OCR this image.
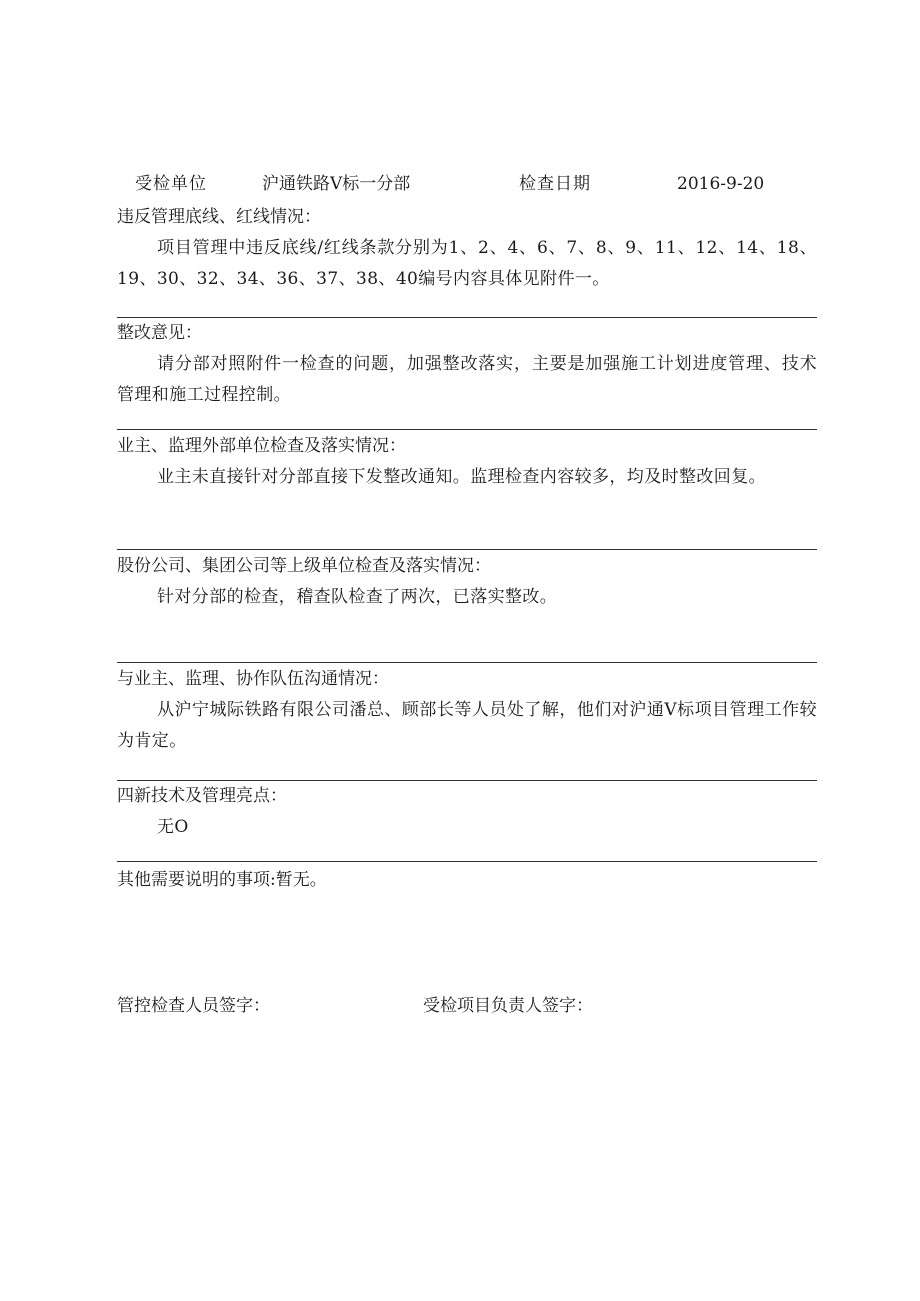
受检单位	沪通铁路V标一分部	检查日期	2016-9-20
违反管理底线、红线情况：
项目管理中违反底线/红线条款分别为1、2、4、6、7、8、9、11、12、14、18、19、30、32、34、36、37、38、40编号内容具体见附件一。
整改意见：
请分部对照附件一检查的问题，加强整改落实，主要是加强施工计划进度管理、技术管理和施工过程控制。
业主、监理外部单位检查及落实情况：
业主未直接针对分部直接下发整改通知。监理检查内容较多，均及时整改回复。
股份公司、集团公司等上级单位检查及落实情况：
针对分部的检查，稽查队检查了两次，已落实整改。
与业主、监理、协作队伍沟通情况：
从沪宁城际铁路有限公司潘总、顾部长等人员处了解，他们对沪通V标项目管理工作较为肯定。
四新技术及管理亮点：
无O
其他需要说明的事项:暂无。
管控检查人员签字：	受检项目负责人签字：
